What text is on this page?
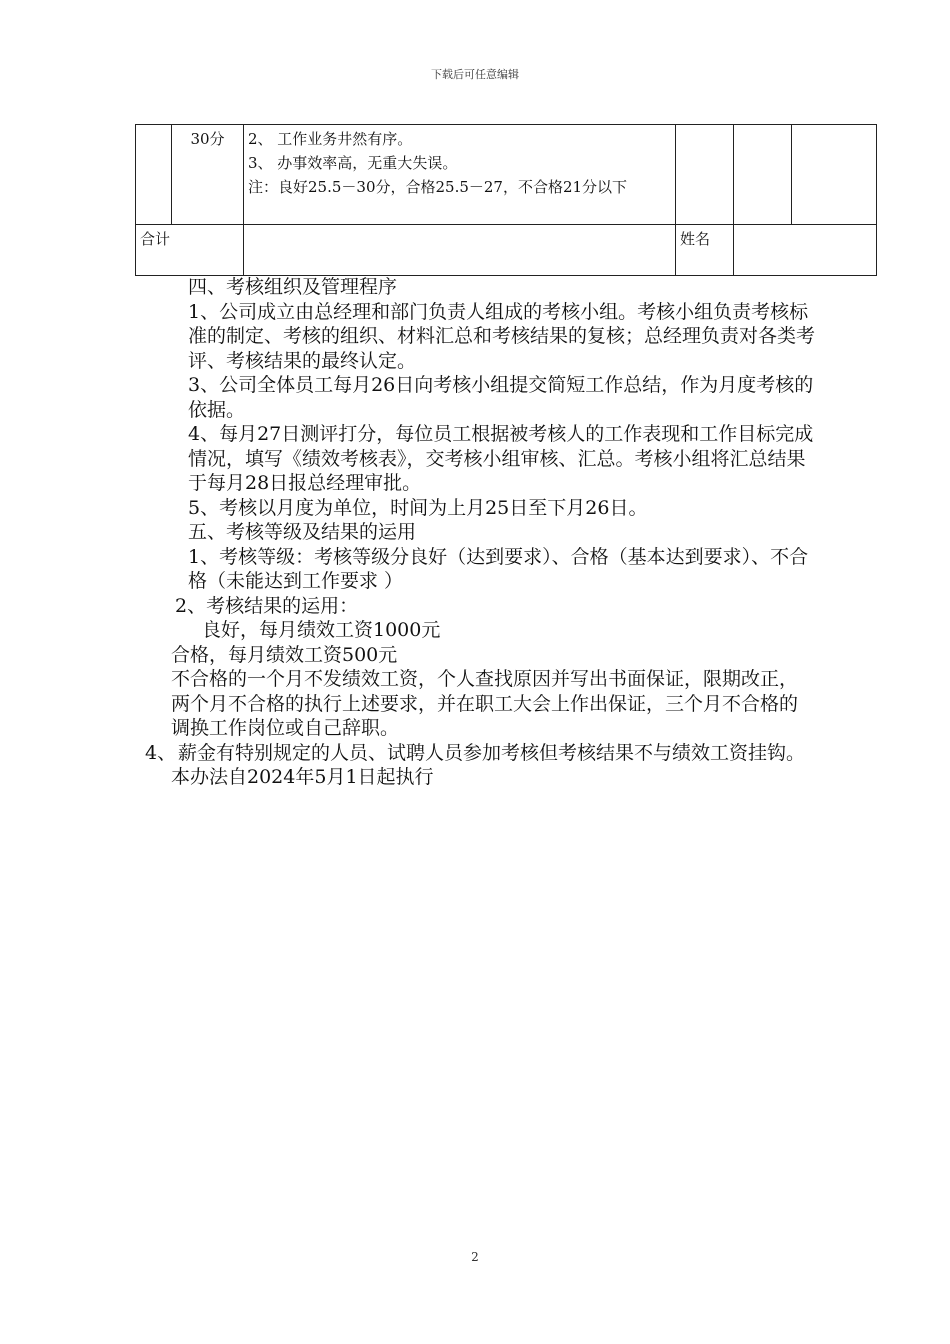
下载后可任意编辑
	30分	2、 工作业务井然有序。
3、 办事效率高，无重大失误。
注：良好25.5－30分，合格25.5－27，不合格21分以下			

合计			姓名		

四、考核组织及管理程序

1、公司成立由总经理和部门负责人组成的考核小组。考核小组负责考核标准的制定、考核的组织、材料汇总和考核结果的复核；总经理负责对各类考评、考核结果的最终认定。

3、公司全体员工每月26日向考核小组提交简短工作总结，作为月度考核的依据。

4、每月27日测评打分，每位员工根据被考核人的工作表现和工作目标完成情况，填写《绩效考核表》，交考核小组审核、汇总。考核小组将汇总结果于每月28日报总经理审批。

5、考核以月度为单位，时间为上月25日至下月26日。

五、考核等级及结果的运用

1、考核等级：考核等级分良好（达到要求）、合格（基本达到要求）、不合格（未能达到工作要求 ）

2、考核结果的运用：

良好，每月绩效工资1000元

合格，每月绩效工资500元

不合格的一个月不发绩效工资，个人查找原因并写出书面保证，限期改正，两个月不合格的执行上述要求，并在职工大会上作出保证，三个月不合格的调换工作岗位或自己辞职。

4、 薪金有特别规定的人员、试聘人员参加考核但考核结果不与绩效工资挂钩。

本办法自2024年5月1日起执行

2
